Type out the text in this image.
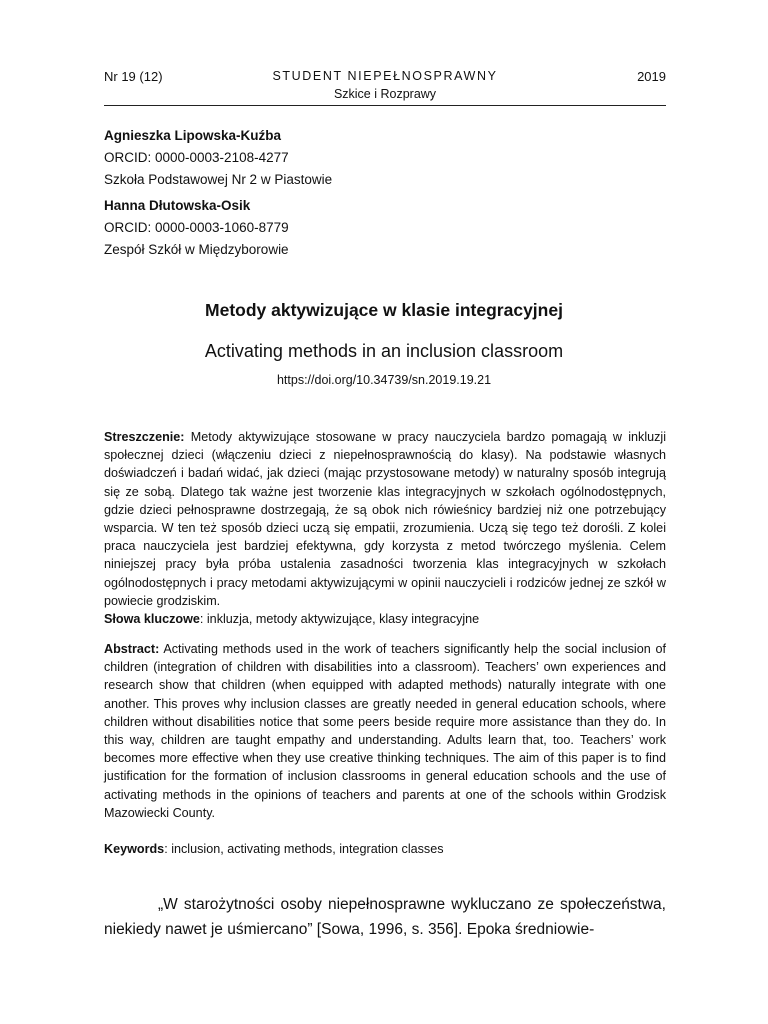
Nr 19 (12)	STUDENT NIEPEŁNOSPRAWNY
Szkice i Rozprawy
2019
Agnieszka Lipowska-Kuźba
ORCID: 0000-0003-2108-4277
Szkoła Podstawowej Nr 2 w Piastowie
Hanna Dłutowska-Osik
ORCID: 0000-0003-1060-8779
Zespół Szkół w Międzyborowie
Metody aktywizujące w klasie integracyjnej
Activating methods in an inclusion classroom
https://doi.org/10.34739/sn.2019.19.21

Streszczenie: Metody aktywizujące stosowane w pracy nauczyciela bardzo pomagają w inkluzji społecznej dzieci (włączeniu dzieci z niepełnosprawnością do klasy). Na podstawie własnych doświadczeń i badań widać, jak dzieci (mając przystosowane metody) w naturalny sposób integrują się ze sobą. Dlatego tak ważne jest tworzenie klas integracyjnych w szkołach ogólnodostępnych, gdzie dzieci pełnosprawne dostrzegają, że są obok nich rówieśnicy bardziej niż one potrzebujący wsparcia. W ten też sposób dzieci uczą się empatii, zrozumienia. Uczą się tego też dorośli. Z kolei praca nauczyciela jest bardziej efektywna, gdy korzysta z metod twórczego myślenia. Celem niniejszej pracy była próba ustalenia zasadności tworzenia klas integracyjnych w szkołach ogólnodostępnych i pracy metodami aktywizującymi w opinii nauczycieli i rodziców jednej ze szkół w powiecie grodziskim.

Słowa kluczowe: inkluzja, metody aktywizujące, klasy integracyjne

Abstract: Activating methods used in the work of teachers significantly help the social inclusion of children (integration of children with disabilities into a classroom). Teachers’ own experiences and research show that children (when equipped with adapted methods) naturally integrate with one another. This proves why inclusion classes are greatly needed in general education schools, where children without disabilities notice that some peers beside require more assistance than they do. In this way, children are taught empathy and understanding. Adults learn that, too. Teachers’ work becomes more effective when they use creative thinking techniques. The aim of this paper is to find justification for the formation of inclusion classrooms in general education schools and the use of activating methods in the opinions of teachers and parents at one of the schools within Grodzisk Mazowiecki County.

Keywords: inclusion, activating methods, integration classes

„W starożytności osoby niepełnosprawne wykluczano ze społeczeństwa, niekiedy nawet je uśmiercano” [Sowa, 1996, s. 356]. Epoka średniowie-
